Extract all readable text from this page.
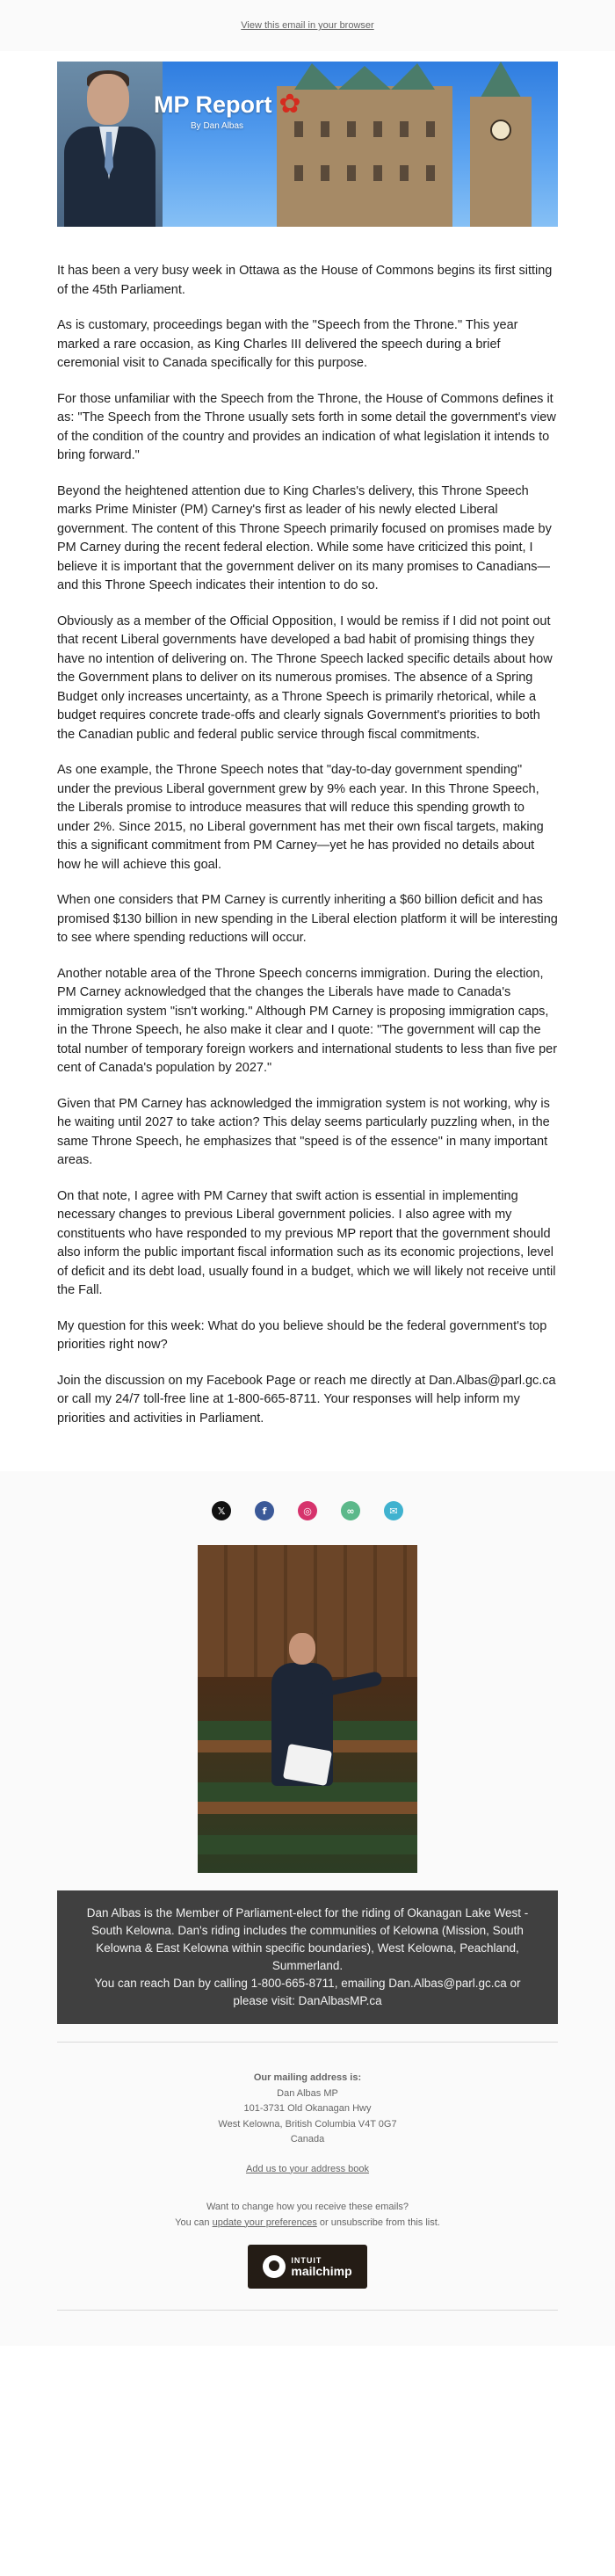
View this email in your browser
MP Report
By Dan Albas
✿

It has been a very busy week in Ottawa as the House of Commons begins its first sitting of the 45th Parliament.

As is customary, proceedings began with the "Speech from the Throne." This year marked a rare occasion, as King Charles III delivered the speech during a brief ceremonial visit to Canada specifically for this purpose.

For those unfamiliar with the Speech from the Throne, the House of Commons defines it as: "The Speech from the Throne usually sets forth in some detail the government's view of the condition of the country and provides an indication of what legislation it intends to bring forward."

Beyond the heightened attention due to King Charles's delivery, this Throne Speech marks Prime Minister (PM) Carney's first as leader of his newly elected Liberal government. The content of this Throne Speech primarily focused on promises made by PM Carney during the recent federal election. While some have criticized this point, I believe it is important that the government deliver on its many promises to Canadians—and this Throne Speech indicates their intention to do so.

Obviously as a member of the Official Opposition, I would be remiss if I did not point out that recent Liberal governments have developed a bad habit of promising things they have no intention of delivering on. The Throne Speech lacked specific details about how the Government plans to deliver on its numerous promises. The absence of a Spring Budget only increases uncertainty, as a Throne Speech is primarily rhetorical, while a budget requires concrete trade-offs and clearly signals Government's priorities to both the Canadian public and federal public service through fiscal commitments.

As one example, the Throne Speech notes that "day-to-day government spending" under the previous Liberal government grew by 9% each year. In this Throne Speech, the Liberals promise to introduce measures that will reduce this spending growth to under 2%. Since 2015, no Liberal government has met their own fiscal targets, making this a significant commitment from PM Carney—yet he has provided no details about how he will achieve this goal.

When one considers that PM Carney is currently inheriting a $60 billion deficit and has promised $130 billion in new spending in the Liberal election platform it will be interesting to see where spending reductions will occur.

Another notable area of the Throne Speech concerns immigration. During the election, PM Carney acknowledged that the changes the Liberals have made to Canada's immigration system "isn't working." Although PM Carney is proposing immigration caps, in the Throne Speech, he also make it clear and I quote: "The government will cap the total number of temporary foreign workers and international students to less than five per cent of Canada's population by 2027."

Given that PM Carney has acknowledged the immigration system is not working, why is he waiting until 2027 to take action? This delay seems particularly puzzling when, in the same Throne Speech, he emphasizes that "speed is of the essence" in many important areas.

On that note, I agree with PM Carney that swift action is essential in implementing necessary changes to previous Liberal government policies. I also agree with my constituents who have responded to my previous MP report that the government should also inform the public important fiscal information such as its economic projections, level of deficit and its debt load, usually found in a budget, which we will likely not receive until the Fall.

My question for this week: What do you believe should be the federal government's top priorities right now?

Join the discussion on my Facebook Page or reach me directly at Dan.Albas@parl.gc.ca or call my 24/7 toll-free line at 1-800-665-8711. Your responses will help inform my priorities and activities in Parliament.

𝕏	f	◎	∞	✉
Dan Albas is the Member of Parliament-elect for the riding of Okanagan Lake West - South Kelowna. Dan's riding includes the communities of Kelowna (Mission, South Kelowna & East Kelowna within specific boundaries), West Kelowna, Peachland, Summerland.
You can reach Dan by calling 1-800-665-8711, emailing Dan.Albas@parl.gc.ca or please visit: DanAlbasMP.ca
Our mailing address is:
Dan Albas MP
101-3731 Old Okanagan Hwy
West Kelowna, British Columbia V4T 0G7
Canada
Add us to your address book
Want to change how you receive these emails?
You can update your preferences or unsubscribe from this list.
INTUIT
mailchimp
